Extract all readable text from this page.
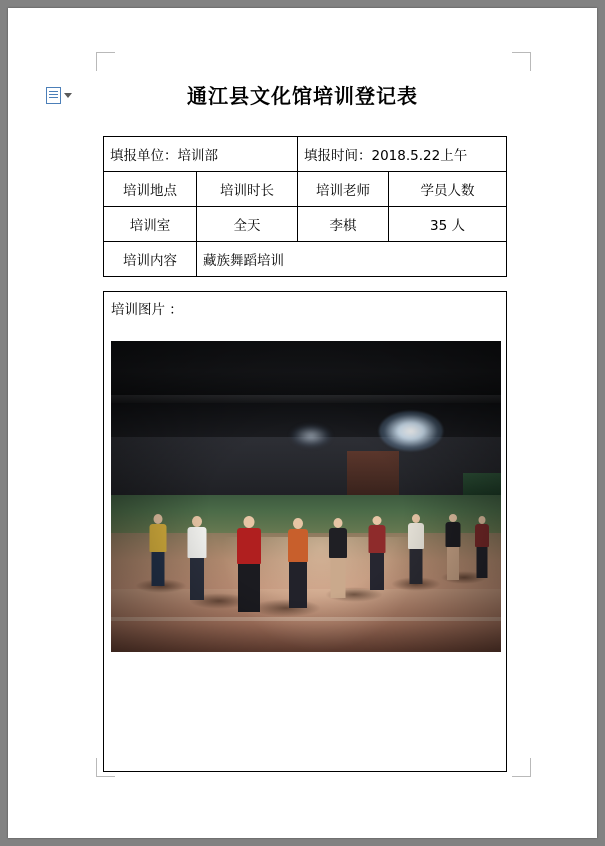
通江县文化馆培训登记表
填报单位：培训部		填报时间：2018.5.22上午	
培训地点	培训时长	培训老师	学员人数
培训室	全天	李棋	35 人
培训内容	藏族舞蹈培训		
培训图片 ：
